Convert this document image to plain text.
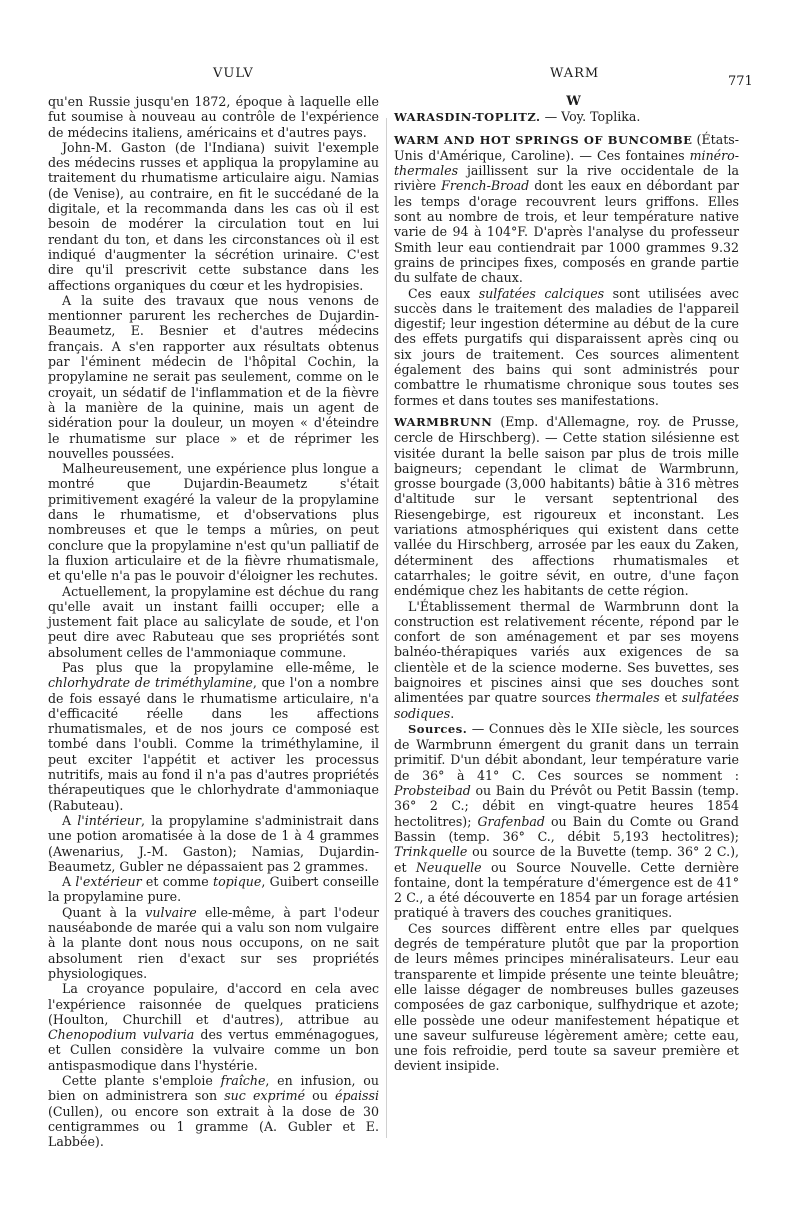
VULV	WARM
771

qu'en Russie jusqu'en 1872, époque à laquelle elle fut soumise à nouveau au contrôle de l'expérience de médecins italiens, américains et d'autres pays.

John-M. Gaston (de l'Indiana) suivit l'exemple des médecins russes et appliqua la propylamine au traitement du rhumatisme articulaire aigu. Namias (de Venise), au contraire, en fit le succédané de la digitale, et la recommanda dans les cas où il est besoin de modérer la circulation tout en lui rendant du ton, et dans les circonstances où il est indiqué d'augmenter la sécrétion urinaire. C'est dire qu'il prescrivit cette substance dans les affections organiques du cœur et les hydropisies.

A la suite des travaux que nous venons de mentionner parurent les recherches de Dujardin-Beaumetz, E. Besnier et d'autres médecins français. A s'en rapporter aux résultats obtenus par l'éminent médecin de l'hôpital Cochin, la propylamine ne serait pas seulement, comme on le croyait, un sédatif de l'inflammation et de la fièvre à la manière de la quinine, mais un agent de sidération pour la douleur, un moyen « d'éteindre le rhumatisme sur place » et de réprimer les nouvelles poussées.

Malheureusement, une expérience plus longue a montré que Dujardin-Beaumetz s'était primitivement exagéré la valeur de la propylamine dans le rhumatisme, et d'observations plus nombreuses et que le temps a mûries, on peut conclure que la propylamine n'est qu'un palliatif de la fluxion articulaire et de la fièvre rhumatismale, et qu'elle n'a pas le pouvoir d'éloigner les rechutes.

Actuellement, la propylamine est déchue du rang qu'elle avait un instant failli occuper; elle a justement fait place au salicylate de soude, et l'on peut dire avec Rabuteau que ses propriétés sont absolument celles de l'ammoniaque commune.

Pas plus que la propylamine elle-même, le chlorhydrate de triméthylamine, que l'on a nombre de fois essayé dans le rhumatisme articulaire, n'a d'efficacité réelle dans les affections rhumatismales, et de nos jours ce composé est tombé dans l'oubli. Comme la triméthylamine, il peut exciter l'appétit et activer les processus nutritifs, mais au fond il n'a pas d'autres propriétés thérapeutiques que le chlorhydrate d'ammoniaque (Rabuteau).

A l'intérieur, la propylamine s'administrait dans une potion aromatisée à la dose de 1 à 4 grammes (Awenarius, J.-M. Gaston); Namias, Dujardin-Beaumetz, Gubler ne dépassaient pas 2 grammes.

A l'extérieur et comme topique, Guibert conseille la propylamine pure.

Quant à la vulvaire elle-même, à part l'odeur nauséabonde de marée qui a valu son nom vulgaire à la plante dont nous nous occupons, on ne sait absolument rien d'exact sur ses propriétés physiologiques.

La croyance populaire, d'accord en cela avec l'expérience raisonnée de quelques praticiens (Houlton, Churchill et d'autres), attribue au Chenopodium vulvaria des vertus emménagogues, et Cullen considère la vulvaire comme un bon antispasmodique dans l'hystérie.

Cette plante s'emploie fraîche, en infusion, ou bien on administrera son suc exprimé ou épaissi (Cullen), ou encore son extrait à la dose de 30 centigrammes ou 1 gramme (A. Gubler et E. Labbée).

W

WARASDIN-TOPLITZ. — Voy. Toplika.

WARM AND HOT SPRINGS OF BUNCOMBE (États-Unis d'Amérique, Caroline). — Ces fontaines minéro-thermales jaillissent sur la rive occidentale de la rivière French-Broad dont les eaux en débordant par les temps d'orage recouvrent leurs griffons. Elles sont au nombre de trois, et leur température native varie de 94 à 104°F. D'après l'analyse du professeur Smith leur eau contiendrait par 1000 grammes 9.32 grains de principes fixes, composés en grande partie du sulfate de chaux.

Ces eaux sulfatées calciques sont utilisées avec succès dans le traitement des maladies de l'appareil digestif; leur ingestion détermine au début de la cure des effets purgatifs qui disparaissent après cinq ou six jours de traitement. Ces sources alimentent également des bains qui sont administrés pour combattre le rhumatisme chronique sous toutes ses formes et dans toutes ses manifestations.

WARMBRUNN (Emp. d'Allemagne, roy. de Prusse, cercle de Hirschberg). — Cette station silésienne est visitée durant la belle saison par plus de trois mille baigneurs; cependant le climat de Warmbrunn, grosse bourgade (3,000 habitants) bâtie à 316 mètres d'altitude sur le versant septentrional des Riesengebirge, est rigoureux et inconstant. Les variations atmosphériques qui existent dans cette vallée du Hirschberg, arrosée par les eaux du Zaken, déterminent des affections rhumatismales et catarrhales; le goitre sévit, en outre, d'une façon endémique chez les habitants de cette région.

L'Établissement thermal de Warmbrunn dont la construction est relativement récente, répond par le confort de son aménagement et par ses moyens balnéo-thérapiques variés aux exigences de sa clientèle et de la science moderne. Ses buvettes, ses baignoires et piscines ainsi que ses douches sont alimentées par quatre sources thermales et sulfatées sodiques.

Sources. — Connues dès le XIIe siècle, les sources de Warmbrunn émergent du granit dans un terrain primitif. D'un débit abondant, leur température varie de 36° à 41° C. Ces sources se nomment : Probsteibad ou Bain du Prévôt ou Petit Bassin (temp. 36° 2 C.; débit en vingt-quatre heures 1854 hectolitres); Grafenbad ou Bain du Comte ou Grand Bassin (temp. 36° C., débit 5,193 hectolitres); Trinkquelle ou source de la Buvette (temp. 36° 2 C.), et Neuquelle ou Source Nouvelle. Cette dernière fontaine, dont la température d'émergence est de 41° 2 C., a été découverte en 1854 par un forage artésien pratiqué à travers des couches granitiques.

Ces sources diffèrent entre elles par quelques degrés de température plutôt que par la proportion de leurs mêmes principes minéralisateurs. Leur eau transparente et limpide présente une teinte bleuâtre; elle laisse dégager de nombreuses bulles gazeuses composées de gaz carbonique, sulfhydrique et azote; elle possède une odeur manifestement hépatique et une saveur sulfureuse légèrement amère; cette eau, une fois refroidie, perd toute sa saveur première et devient insipide.
